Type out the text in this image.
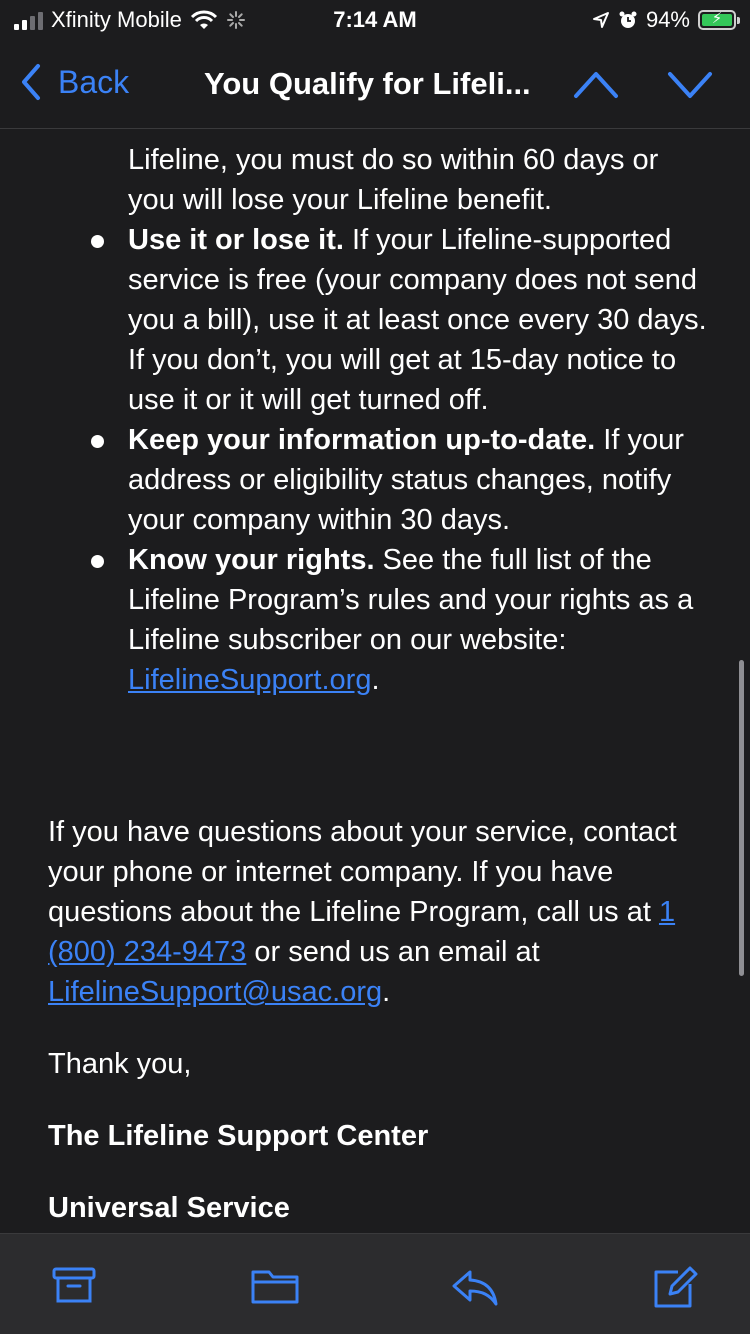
Xfinity Mobile	7:14 AM	94%	⚡
Back You Qualify for Lifeli...
Lifeline, you must do so within 60 days or you will lose your Lifeline benefit.
Use it or lose it. If your Lifeline-supported service is free (your company does not send you a bill), use it at least once every 30 days. If you don’t, you will get at 15-day notice to use it or it will get turned off.
Keep your information up-to-date. If your address or eligibility status changes, notify your company within 30 days.
Know your rights. See the full list of the Lifeline Program’s rules and your rights as a Lifeline subscriber on our website: LifelineSupport.org.
If you have questions about your service, contact your phone or internet company. If you have questions about the Lifeline Program, call us at 1 (800) 234-9473 or send us an email at LifelineSupport@usac.org.
Thank you,
The Lifeline Support Center
Universal Service
